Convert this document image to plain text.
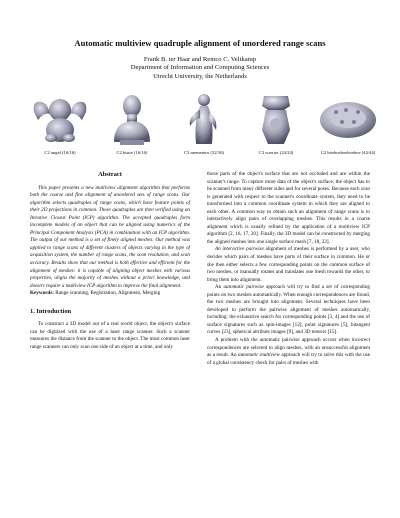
Automatic multiview quadruple alignment of unordered range scans
Frank B. ter Haar and Remco C. Veltkamp
Department of Information and Computing Sciences
Utrecht University, the Netherlands
C2 angel (16/16)	C2 buste (16/16)	C3 mementos (32/36)	C3 warrior (24/24)	C2 boeboeboeboeboe (44/44)
Abstract

This paper presents a new multiview alignment algorithm that performs both the coarse and fine alignment of unordered sets of range scans. Our algorithm selects quadruples of range scans, which have feature points of their 2D projections in common. These quadruples are then verified using an Iterative Closest Point (ICP) algorithm. The accepted quadruples form incomplete models of an object that can be aligned using numerics of the Principal Component Analysis (PCA) in combination with an ICP algorithm. The output of our method is a set of finely aligned meshes. Our method was applied to range scans of different clusters of objects varying in the type of acquisition system, the number of range scans, the scan resolution, and scan accuracy. Results show that our method is both effective and efficient for the alignment of meshes: it is capable of aligning object meshes with various properties, aligns the majority of meshes without a priori knowledge, and doesn't require a multiview ICP algorithm to improve the final alignment.

Keywords: Range scanning, Registration, Alignment, Merging

1. Introduction

To construct a 3D model out of a real world object, the object's surface can be digitized with the use of a laser range scanner. Such a scanner measures the distance from the scanner to the object. The most common laser range scanners can only scan one side of an object at a time, and only

those parts of the object's surface that are not occluded and are within the scanner's range. To capture more data of the object's surface, the object has to be scanned from many different sides and for several poses. Because each scan is generated with respect to the scanner's coordinate system, they need to be transformed into a common coordinate system in which they are aligned to each other. A common way to obtain such an alignment of range scans is to interactively align pairs of overlapping meshes. This results in a coarse alignment which is usually refined by the application of a multiview ICP algorithm [2, 16, 17, 20]. Finally, the 3D model can be constructed by merging the aligned meshes into one single surface mesh [7, 18, 22].

An interactive pairwise alignment of meshes is performed by a user, who decides which pairs of meshes have parts of their surface in common. He or she then either selects a few corresponding points on the common surface of two meshes, or manually rotates and translates one mesh towards the other, to bring them into alignment.

An automatic pairwise approach will try to find a set of corresponding points on two meshes automatically. When enough correspondences are found, the two meshes are brought into alignment. Several techniques have been developed to perform the pairwise alignment of meshes automatically, including: the exhaustive search for corresponding points [3, 4] and the use of surface signatures such as spin-images [12], point signatures [5], bitangent curves [23], spherical attribute images [9], and 3D tensors [15].

A problem with the automatic pairwise approach occurs when incorrect correspondences are selected to align meshes, with an unsuccessful alignment as a result. An automatic multiview approach will try to solve this with the use of a global consistency check for pairs of meshes with
